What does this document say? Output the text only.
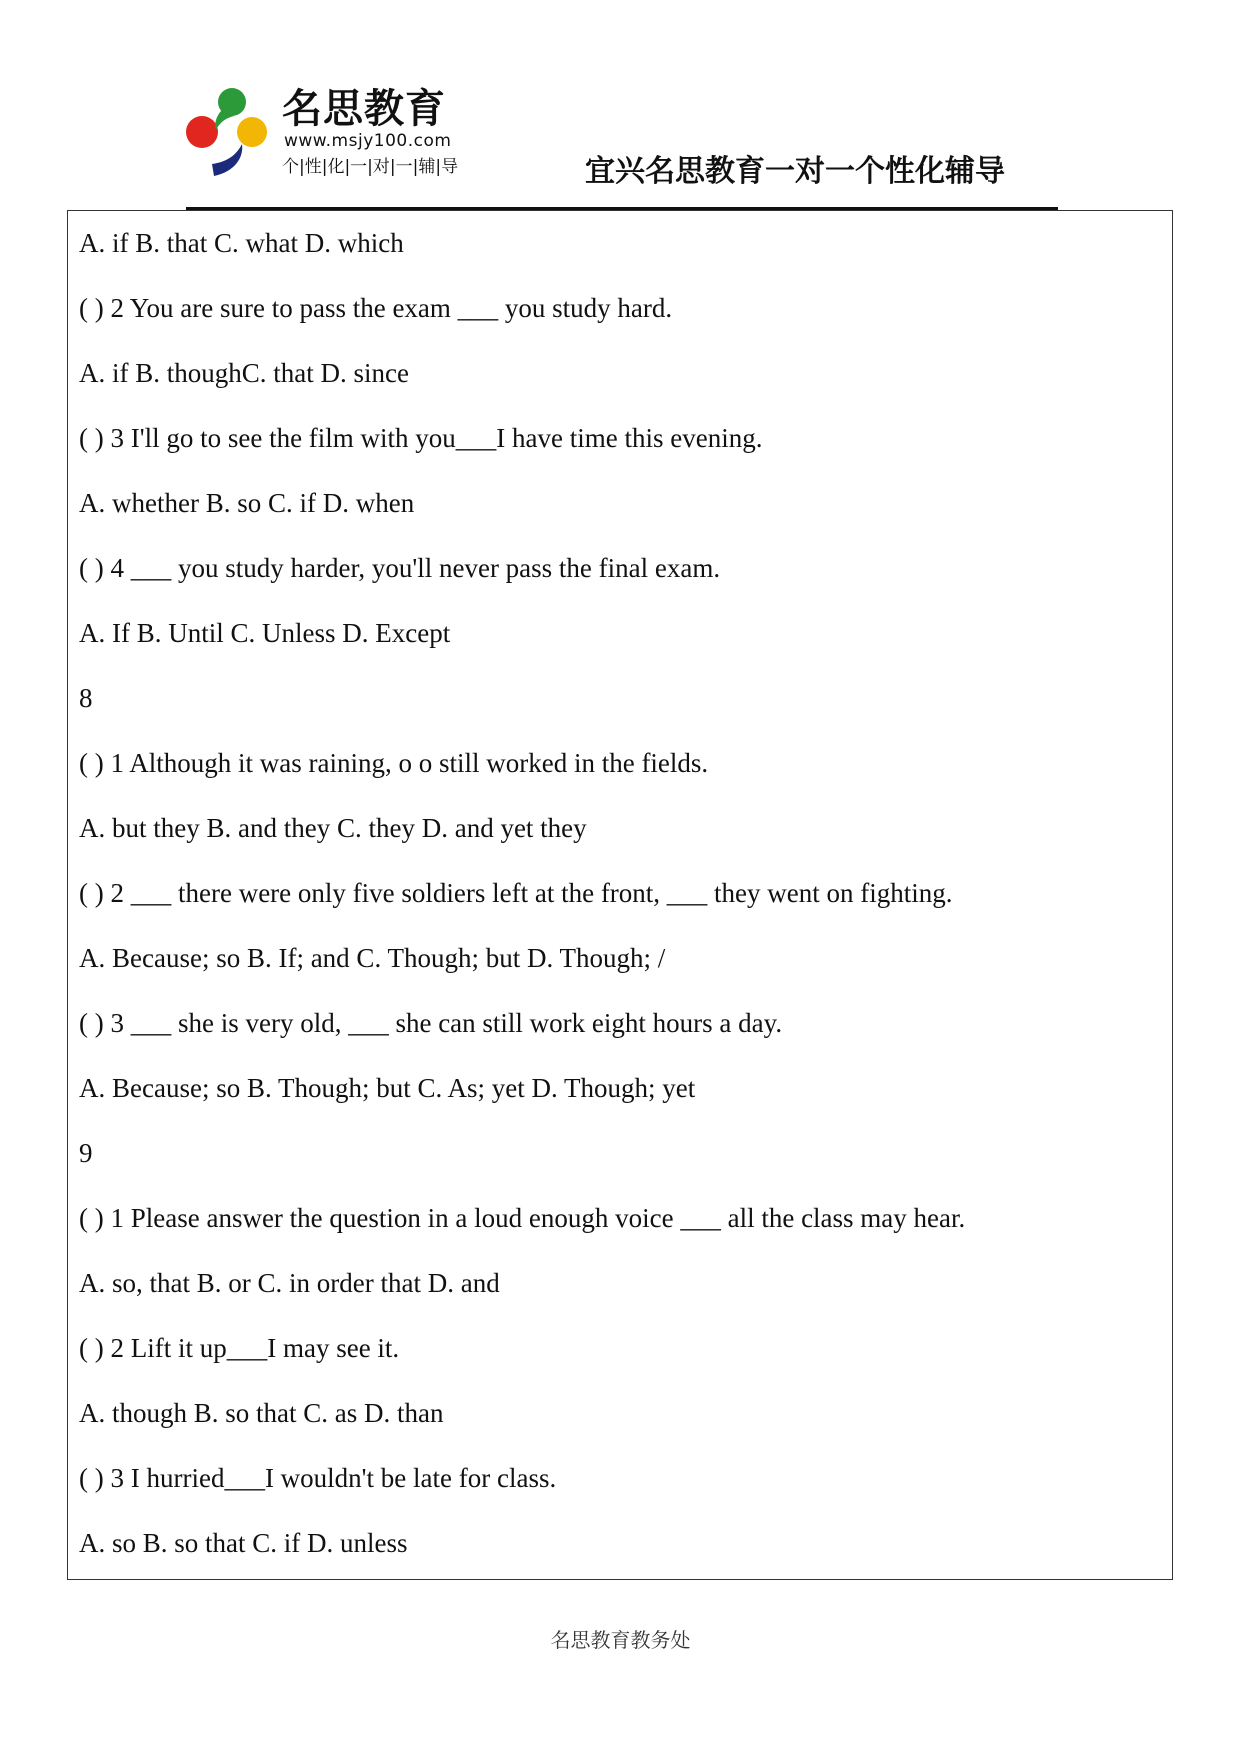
名思教育
www.msjy100.com
个|性|化|一|对|一|辅|导	宜兴名思教育一对一个性化辅导
A. if B. that C. what D. which
( ) 2 You are sure to pass the exam ___ you study hard.
A. if B. thoughC. that D. since
( ) 3 I'll go to see the film with you___I have time this evening.
A. whether B. so C. if D. when
( ) 4 ___ you study harder, you'll never pass the final exam.
A. If B. Until C. Unless D. Except
8
( ) 1 Although it was raining, o o still worked in the fields.
A. but they B. and they C. they D. and yet they
( ) 2 ___ there were only five soldiers left at the front, ___ they went on fighting.
A. Because; so B. If; and C. Though; but D. Though; /
( ) 3 ___ she is very old, ___ she can still work eight hours a day.
A. Because; so B. Though; but C. As; yet D. Though; yet
9
( ) 1 Please answer the question in a loud enough voice ___ all the class may hear.
A. so, that B. or C. in order that D. and
( ) 2 Lift it up___I may see it.
A. though B. so that C. as D. than
( ) 3 I hurried___I wouldn't be late for class.
A. so B. so that C. if D. unless
名思教育教务处
